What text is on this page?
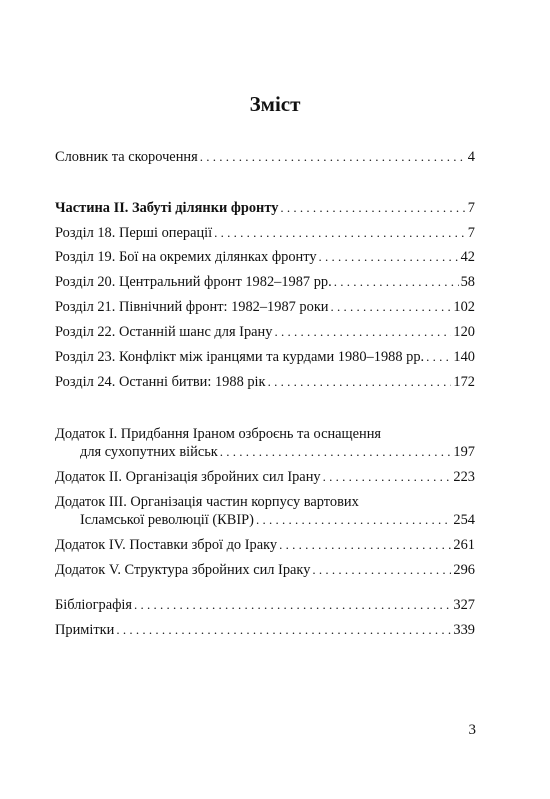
Зміст
Словник та скорочення . . .	4
Частина ІІ. Забуті ділянки фронту . . .	7
Розділ 18. Перші операції . . .	7
Розділ 19. Бої на окремих ділянках фронту . . .	42
Розділ 20. Центральний фронт 1982–1987 рр. . . .	58
Розділ 21. Північний фронт: 1982–1987 роки . . .	102
Розділ 22. Останній шанс для Ірану . . .	120
Розділ 23. Конфлікт між іранцями та курдами 1980–1988 рр. . . . 140
Розділ 24. Останні битви: 1988 рік . . .	172
Додаток І. Придбання Іраном озброєнь та оснащення
для сухопутних військ . . .	197
Додаток ІІ. Організація збройних сил Ірану . . .	223
Додаток ІІІ. Організація частин корпусу вартових
Ісламської революції (КВІР) . . .	254
Додаток IV. Поставки зброї до Іраку . . .	261
Додаток V. Структура збройних сил Іраку . . .	296
Бібліографія . . .	327
Примітки . . .	339
3
